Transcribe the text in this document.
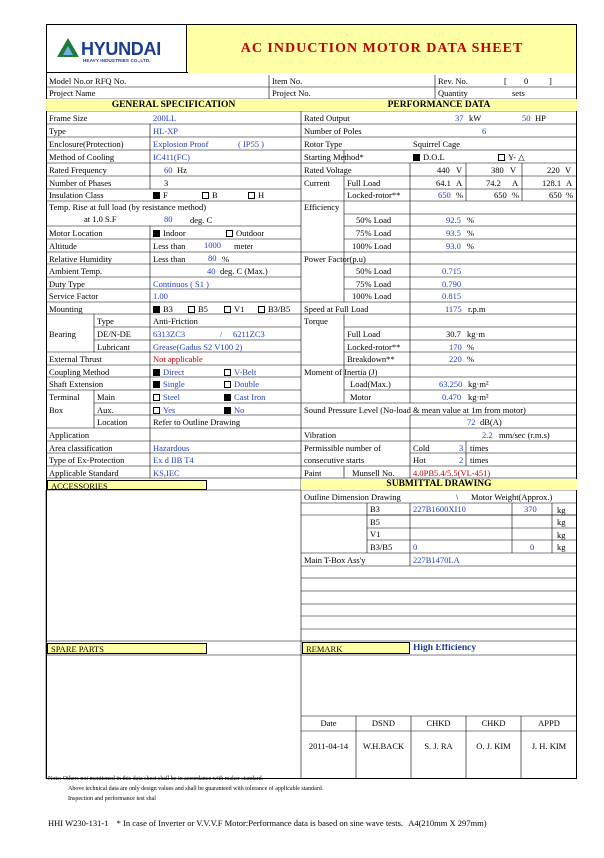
HYUNDAI
HEAVY INDUSTRIES CO.,LTD.
AC INDUCTION MOTOR DATA SHEET
Model No.or RFQ No.	Item No.	Rev. No.	[ 0 ]
Project Name	Project No.	Quantity	sets
GENERAL SPECIFICATION	PERFORMANCE DATA
Frame Size	200LL
Type	HL-XP
Enclosure(Protection)	Explosion Proof	( IP55 )
Method of Cooling	IC411(FC)
Rated Frequency	60 Hz
Number of Phases	3
Insulation Class	F	B	H
Temp. Rise at full load (by resistance method)
at 1.0 S.F	80 deg. C
Motor Location	Indoor	Outdoor
Altitude	Less than 1000 meter
Relative Humidity	Less than	80 %
Ambient Temp.	40 deg. C (Max.)
Duty Type	Continuos ( S1 )
Service Factor	1.00
Mounting	B3	B5	V1	B3/B5
Bearing
Type	Anti-Friction
DE/N-DE	6313ZC3	/ 6211ZC3
Lubricant	Grease(Gadus S2 V100 2)
External Thrust	Not applicable
Coupling Method	Direct	V-Belt
Shaft Extension	Single	Double
Terminal
Box
Main	Steel	Cast Iron
Aux.	Yes	No
Location	Refer to Outline Drawing
Application
Area classification	Hazardous
Type of Ex-Protection	Ex d IIB T4
Applicable Standard	KS,IEC
Rated Output	37 kW	50 HP
Number of Poles	6
Rotor Type	Squirrel Cage
Starting Method*	D.O.L	Y- △
Rated Voltage	440 V	380 V	220 V
Current Full Load	64.1 A	74.2 A	128.1 A
Locked-rotor**	650 %	650 %	650 %
Efficiency
50% Load	92.5 %
75% Load	93.5 %
100% Load	93.0 %
Power Factor(p.u)
50% Load	0.715
75% Load	0.790
100% Load	0.815
Speed at Full Load	1175 r.p.m
Torque
Full Load	30.7 kg·m
Locked-rotor**	170 %
Breakdown**	220 %
Moment of Inertia (J)
Load(Max.)	63.250 kg·m²
Motor	0.470 kg·m²
Sound Pressure Level (No-load & mean value at 1m from motor)
72 dB(A)
Vibration	2.2 mm/sec (r.m.s)
Permissible number of
consecutive starts
Cold	3 times
Hot	2 times
Paint	Munsell No. 4.0PB5.4/5.5(VL-451)
ACCESSORIES	SUBMITTAL DRAWING
Outline Dimension Drawing	\ Motor Weight(Approx.)
B3	227B1600XI10	370 kg
B5	kg
V1	kg
B3/B5 0	0	kg
Main T-Box Ass'y	227B1470LA
SPARE PARTS	REMARK	High Efficiency
Date	DSND	CHKD	CHKD	APPD
2011-04-14	W.H.BACK	S. J. RA	O. J. KIM	J. H. KIM
Note: Others not mentioned in this data sheet shall be in accordance with maker standard.
Above technical data are only design values and shall be guaranteed with tolerance of applicable standard.
Inspection and performance test shal
HHI W230-131-1 * In case of Inverter or V.V.V.F Motor:Performance data is based on sine wave tests. A4(210mm X 297mm)
